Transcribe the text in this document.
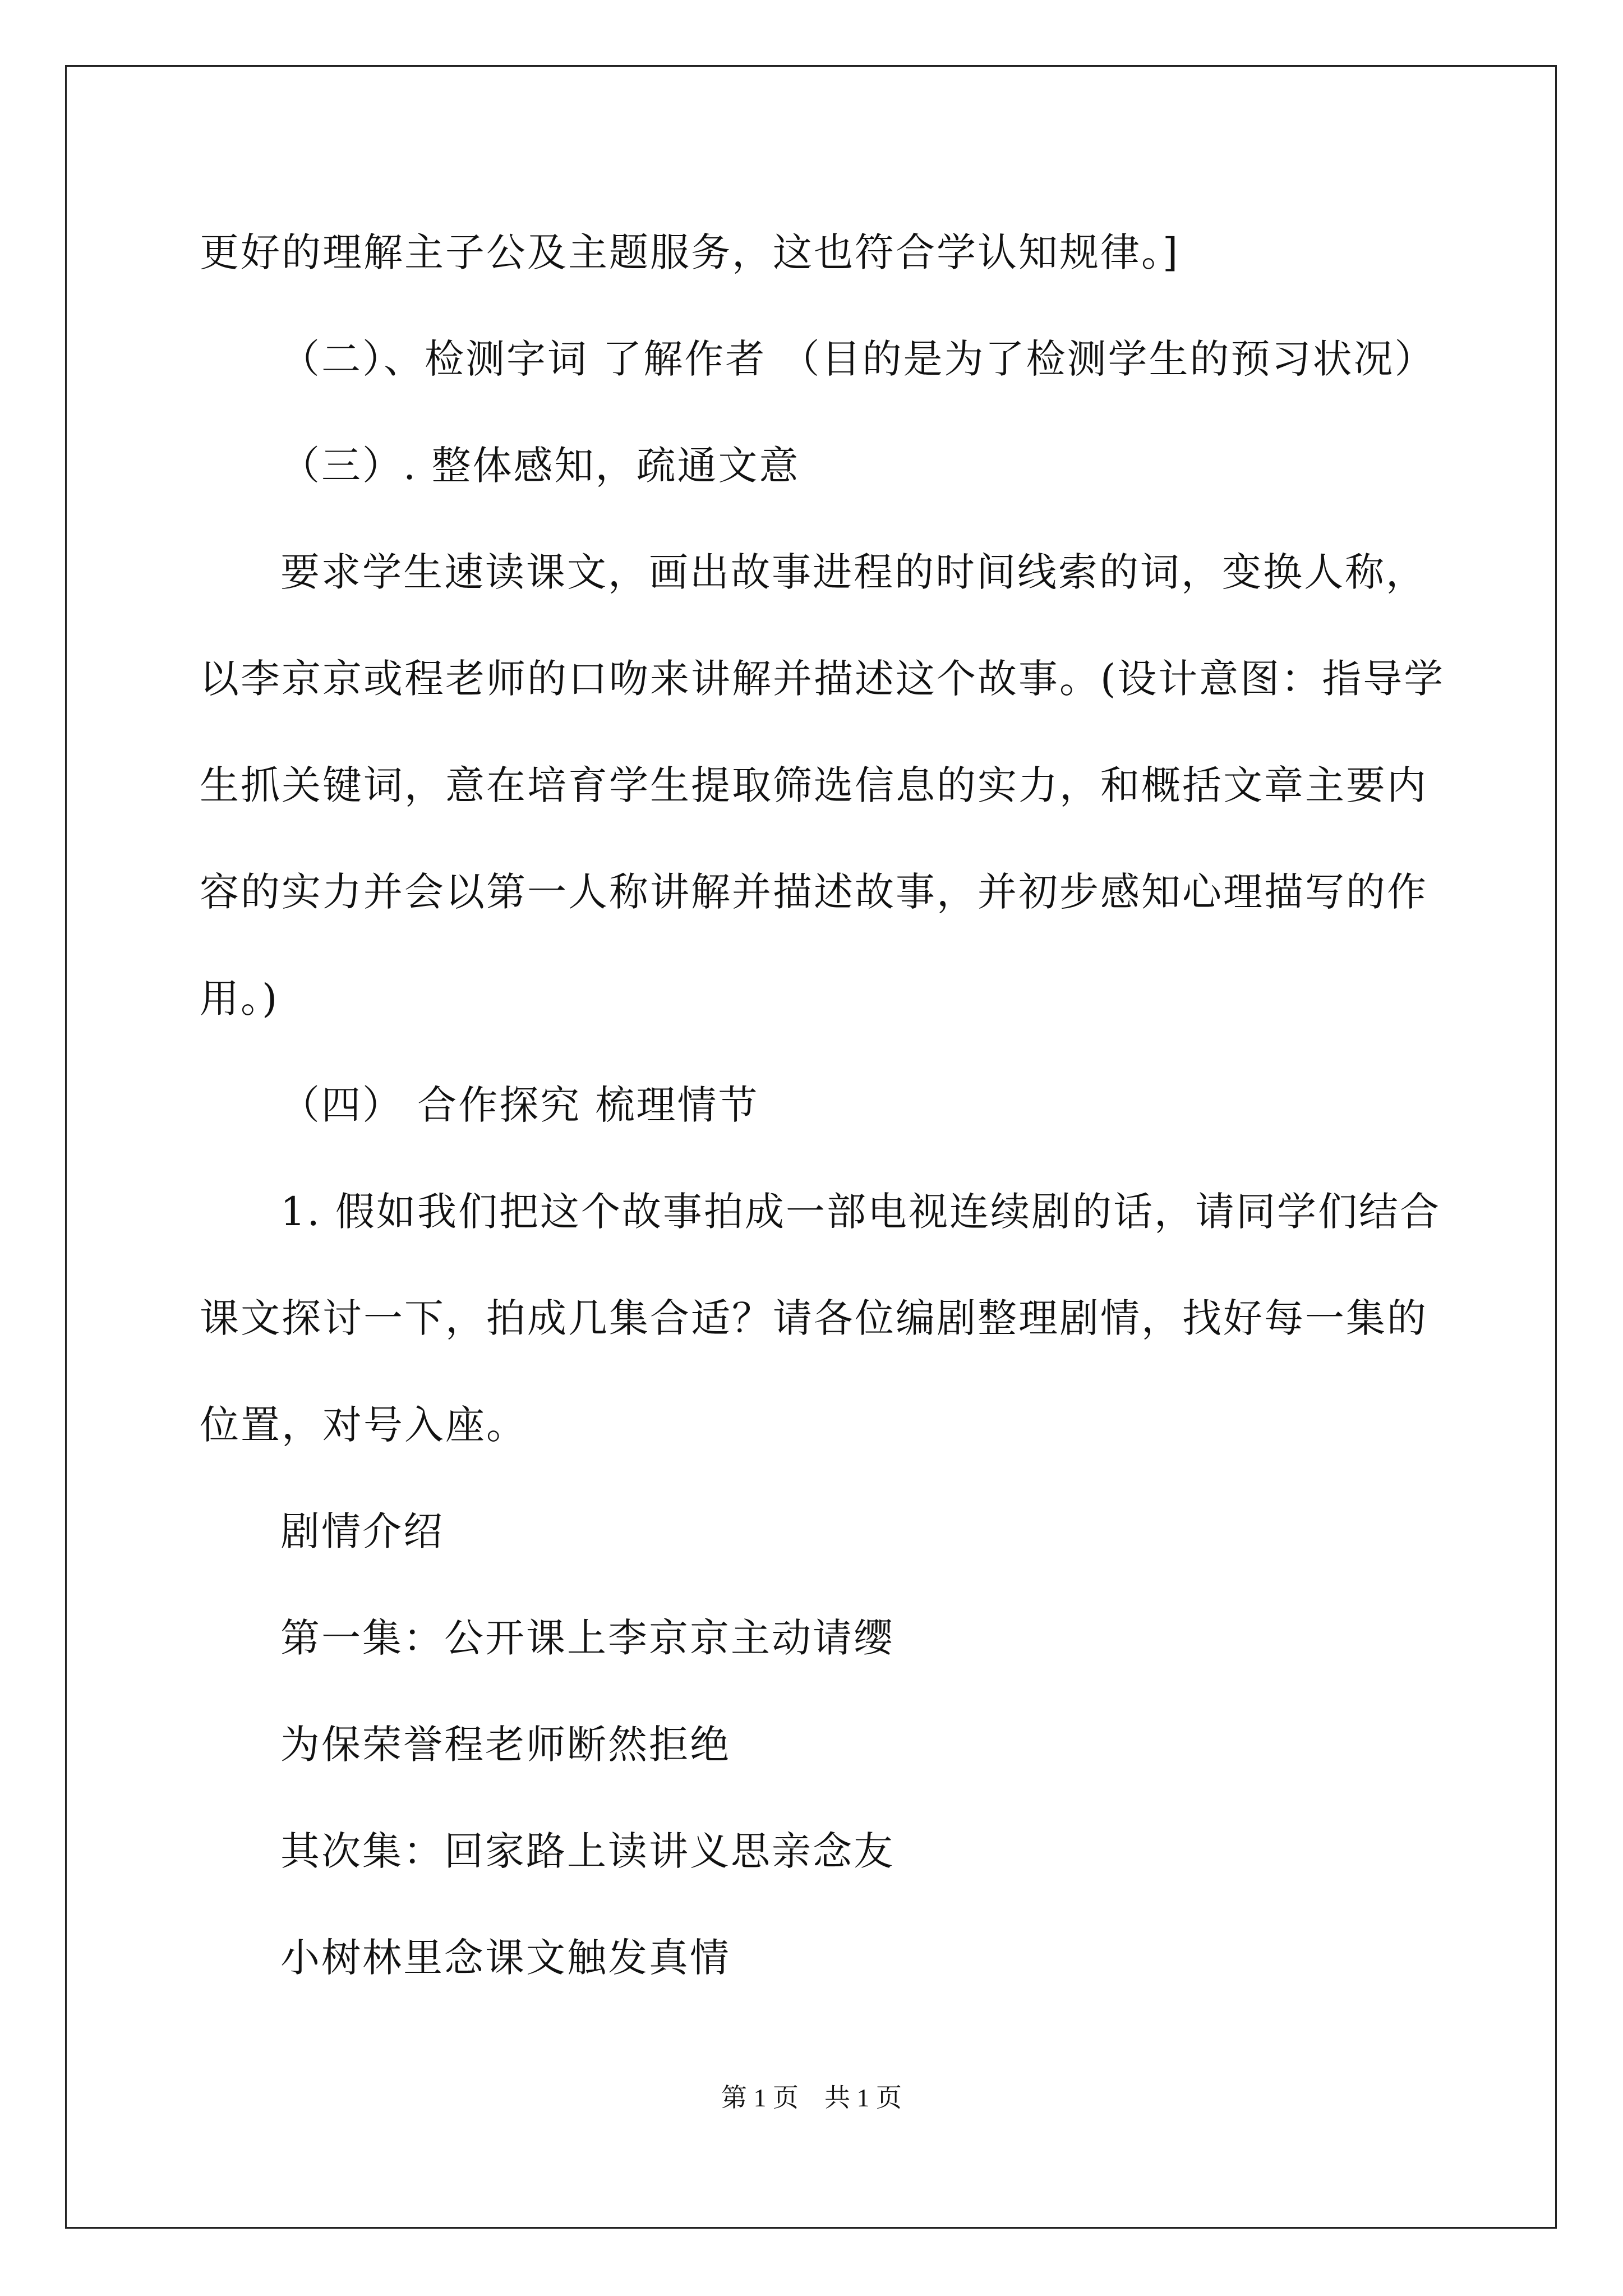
更好的理解主子公及主题服务，这也符合学认知规律。]
（二）、检测字词 了解作者 （目的是为了检测学生的预习状况）
（三）. 整体感知，疏通文意
要求学生速读课文，画出故事进程的时间线索的词，变换人称，
以李京京或程老师的口吻来讲解并描述这个故事。(设计意图：指导学
生抓关键词，意在培育学生提取筛选信息的实力，和概括文章主要内
容的实力并会以第一人称讲解并描述故事，并初步感知心理描写的作
用。)
（四） 合作探究 梳理情节
1. 假如我们把这个故事拍成一部电视连续剧的话，请同学们结合
课文探讨一下，拍成几集合适？请各位编剧整理剧情，找好每一集的
位置，对号入座。
剧情介绍
第一集：公开课上李京京主动请缨
为保荣誉程老师断然拒绝
其次集：回家路上读讲义思亲念友
小树林里念课文触发真情
第 1 页　共 1 页
